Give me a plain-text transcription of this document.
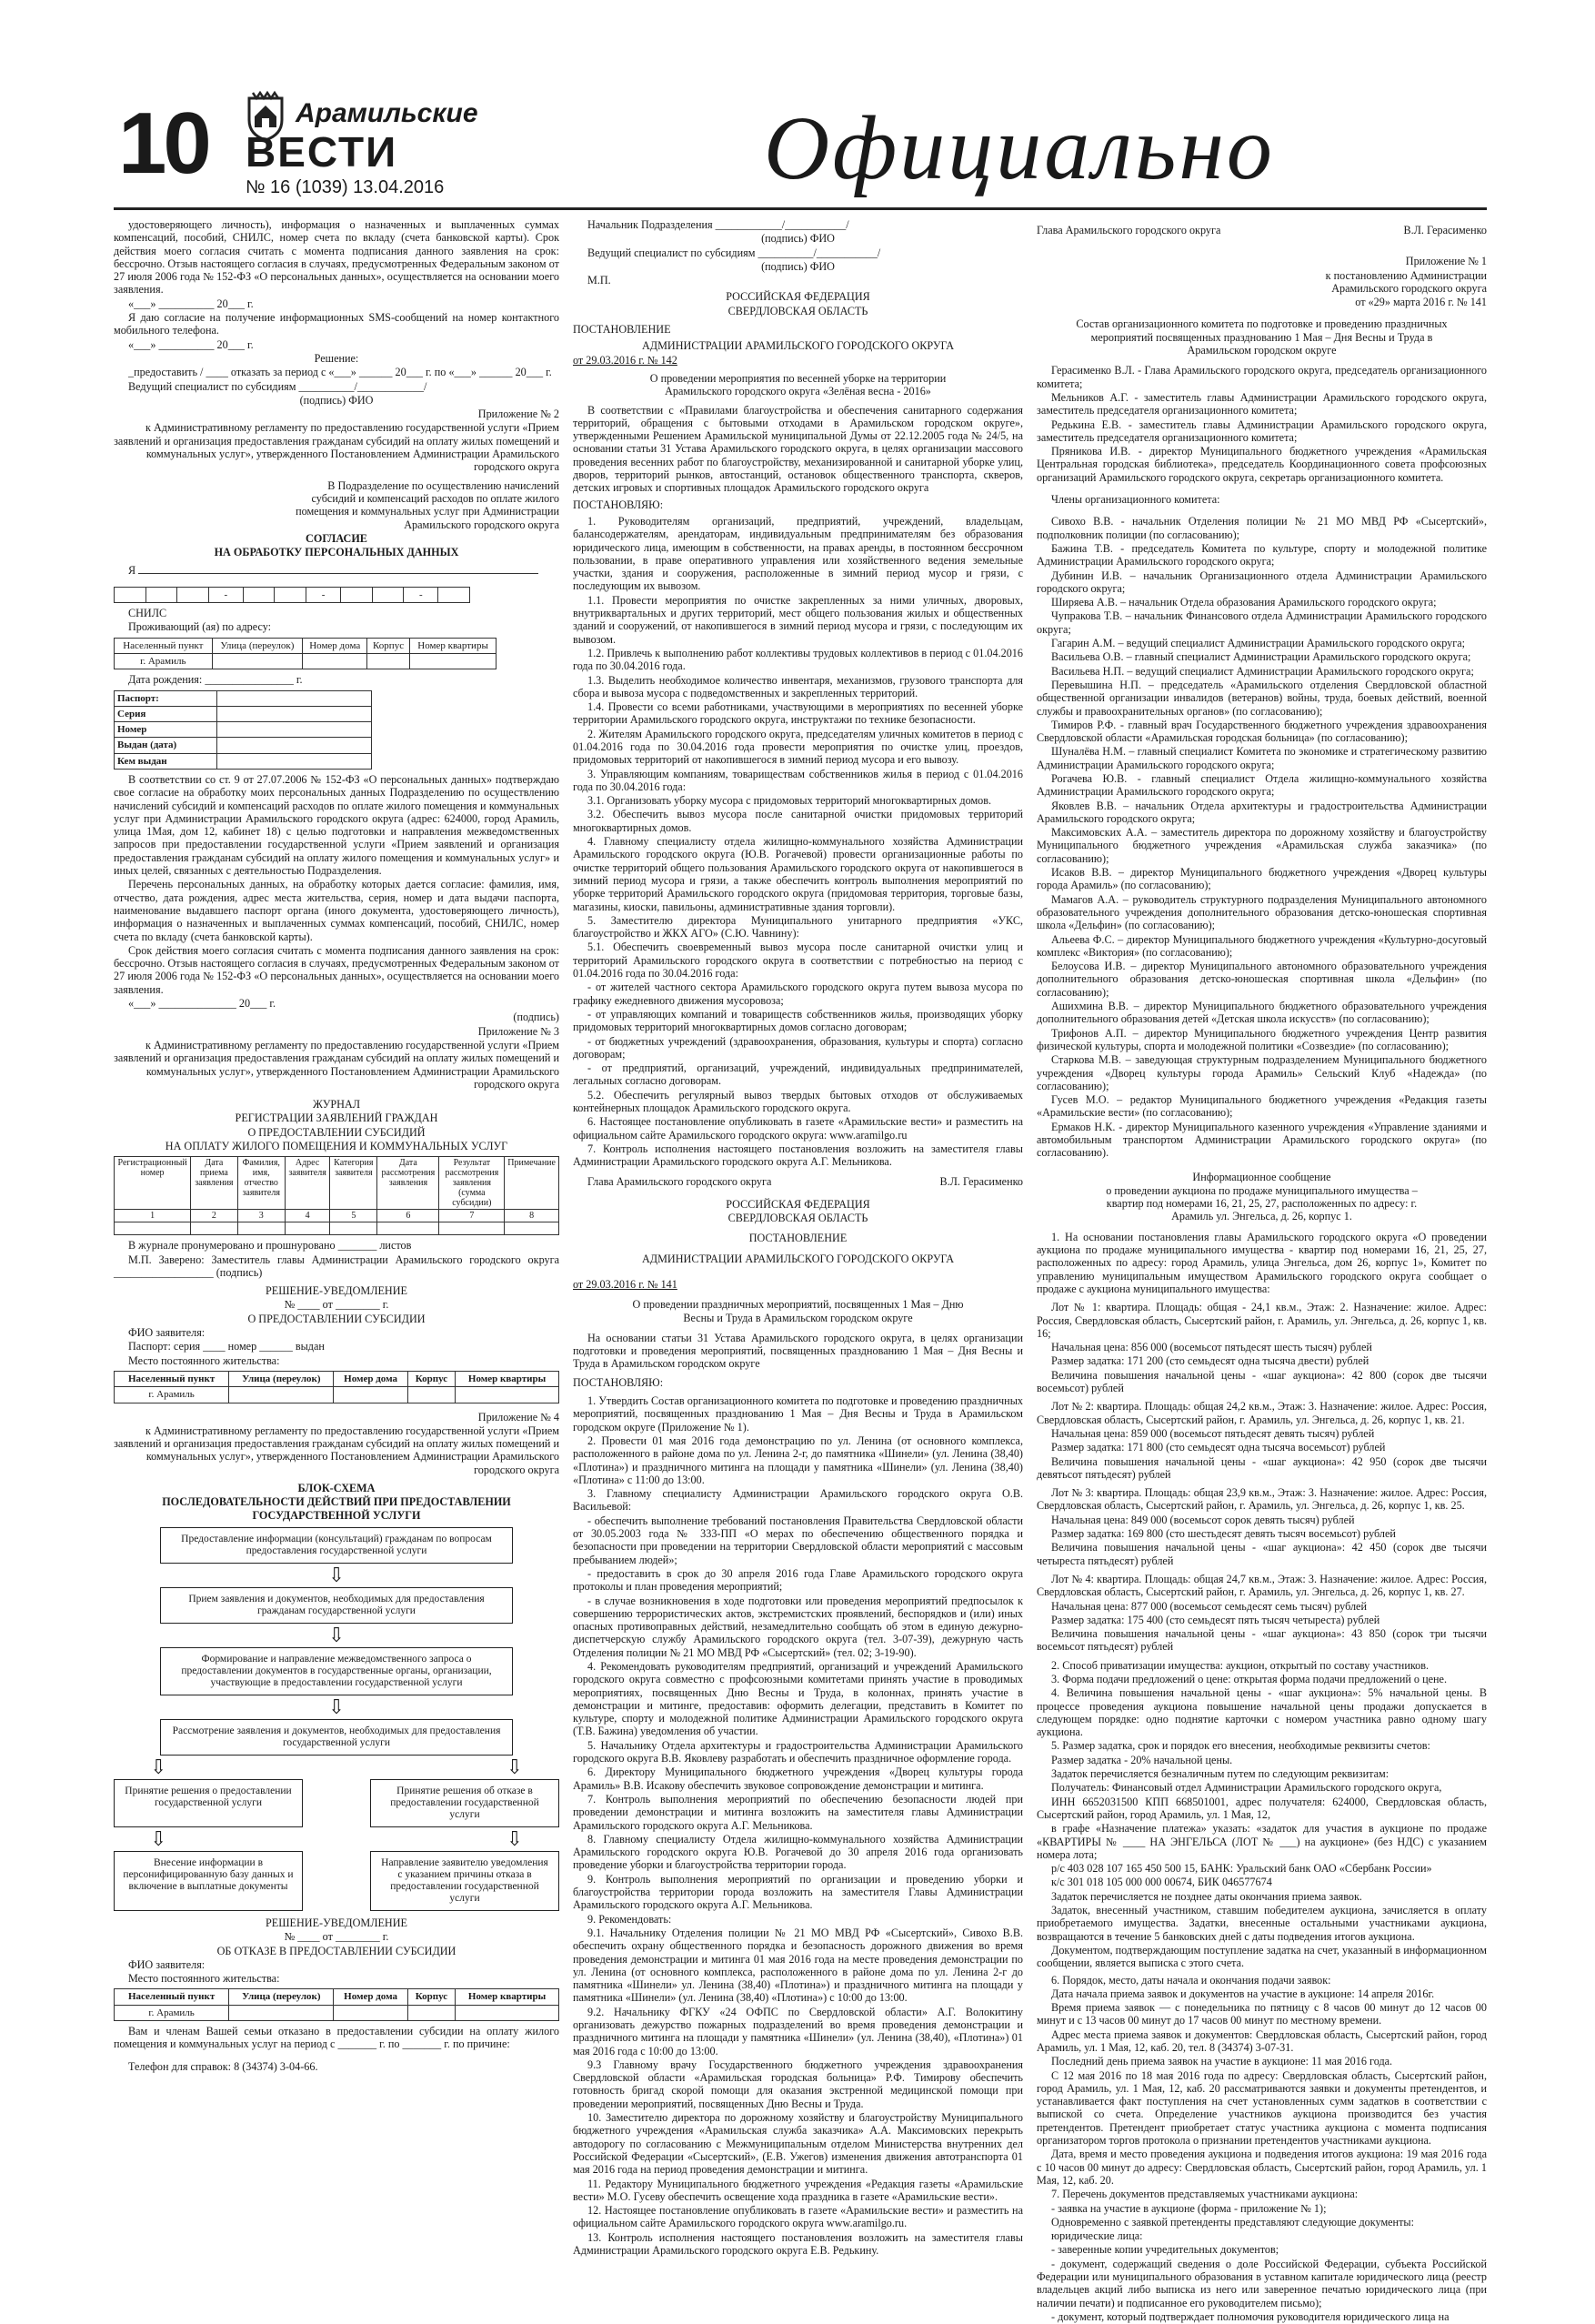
10	Арамильские
ВЕСТИ
№ 16 (1039) 13.04.2016	Официально

удостоверяющего личность), информация о назначенных и выплаченных суммах компенсаций, пособий, СНИЛС, номер счета по вкладу (счета банковской карты). Срок действия моего согласия считать с момента подписания данного заявления на срок: бессрочно. Отзыв настоящего согласия в случаях, предусмотренных Федеральным законом от 27 июля 2006 года № 152-ФЗ «О персональных данных», осуществляется на основании моего заявления.

«___» __________ 20___ г.

Я даю согласие на получение информационных SMS-сообщений на номер контактного мобильного телефона.

«___» __________ 20___ г.

Решение:

_предоставить / ____ отказать за период с «___» ______ 20___ г. по «___» ______ 20___ г.

Ведущий специалист по субсидиям __________/____________/

(подпись) ФИО

Приложение № 2

к Административному регламенту по предоставлению государственной услуги «Прием заявлений и организация предоставления гражданам субсидий на оплату жилых помещений и коммунальных услуг», утвержденного Постановлением Администрации Арамильского городского округа

В Подразделение по осуществлению начислений субсидий и компенсаций расходов по оплате жилого помещения и коммунальных услуг при Администрации Арамильского городского округа

СОГЛАСИЕ

НА ОБРАБОТКУ ПЕРСОНАЛЬНЫХ ДАННЫХ

Я

			-			-			-	

СНИЛС

Проживающий (ая) по адресу:

Населенный пункт	Улица (переулок)	Номер дома	Корпус	Номер квартиры
г. Арамиль				

Дата рождения: ________________ г.

Паспорт:	
Серия	
Номер	
Выдан (дата)	
Кем выдан	

В соответствии со ст. 9 от 27.07.2006 № 152-ФЗ «О персональных данных» подтверждаю свое согласие на обработку моих персональных данных Подразделению по осуществлению начислений субсидий и компенсаций расходов по оплате жилого помещения и коммунальных услуг при Администрации Арамильского городского округа (адрес: 624000, город Арамиль, улица 1Мая, дом 12, кабинет 18) с целью подготовки и направления межведомственных запросов при предоставлении государственной услуги «Прием заявлений и организация предоставления гражданам субсидий на оплату жилого помещения и коммунальных услуг» и иных целей, связанных с деятельностью Подразделения.

Перечень персональных данных, на обработку которых дается согласие: фамилия, имя, отчество, дата рождения, адрес места жительства, серия, номер и дата выдачи паспорта, наименование выдавшего паспорт органа (иного документа, удостоверяющего личность), информация о назначенных и выплаченных суммах компенсаций, пособий, СНИЛС, номер счета по вкладу (счета банковской карты).

Срок действия моего согласия считать с момента подписания данного заявления на срок: бессрочно. Отзыв настоящего согласия в случаях, предусмотренных Федеральным законом от 27 июля 2006 года № 152-ФЗ «О персональных данных», осуществляется на основании моего заявления.

«___» ______________ 20___ г.

(подпись)

Приложение № 3

к Административному регламенту по предоставлению государственной услуги «Прием заявлений и организация предоставления гражданам субсидий на оплату жилых помещений и коммунальных услуг», утвержденного Постановлением Администрации Арамильского городского округа

ЖУРНАЛ

РЕГИСТРАЦИИ ЗАЯВЛЕНИЙ ГРАЖДАН

О ПРЕДОСТАВЛЕНИИ СУБСИДИЙ

НА ОПЛАТУ ЖИЛОГО ПОМЕЩЕНИЯ И КОММУНАЛЬНЫХ УСЛУГ

Регистрационный номер	Дата приема заявления	Фамилия, имя, отчество заявителя	Адрес заявителя	Категория заявителя	Дата рассмотрения заявления	Результат рассмотрения заявления (сумма субсидии)	Примечание
1	2	3	4	5	6	7	8

В журнале пронумеровано и прошнуровано _______ листов

М.П. Заверено: Заместитель главы Администрации Арамильского городского округа __________________ (подпись)

РЕШЕНИЕ-УВЕДОМЛЕНИЕ

№ ____ от ________ г.

О ПРЕДОСТАВЛЕНИИ СУБСИДИИ

ФИО заявителя:

Паспорт: серия ____ номер ______ выдан

Место постоянного жительства:

Населенный пункт	Улица (переулок)	Номер дома	Корпус	Номер квартиры
г. Арамиль				

Приложение № 4

к Административному регламенту по предоставлению государственной услуги «Прием заявлений и организация предоставления гражданам субсидий на оплату жилых помещений и коммунальных услуг», утвержденного Постановлением Администрации Арамильского городского округа

БЛОК-СХЕМА

ПОСЛЕДОВАТЕЛЬНОСТИ ДЕЙСТВИЙ ПРИ ПРЕДОСТАВЛЕНИИ ГОСУДАРСТВЕННОЙ УСЛУГИ

Предоставление информации (консультаций) гражданам по вопросам предоставления государственной услуги
⇩
Прием заявления и документов, необходимых для предоставления гражданам государственной услуги
⇩
Формирование и направление межведомственного запроса о предоставлении документов в государственные органы, организации, участвующие в предоставлении государственной услуги
⇩
Рассмотрение заявления и документов, необходимых для предоставления государственной услуги
⇩	⇩
Принятие решения о предоставлении государственной услуги
Принятие решения об отказе в предоставлении государственной услуги
⇩	⇩
Внесение информации в персонифицированную базу данных и включение в выплатные документы
Направление заявителю уведомления с указанием причины отказа в предоставлении государственной услуги

РЕШЕНИЕ-УВЕДОМЛЕНИЕ

№ ____ от ________ г.

ОБ ОТКАЗЕ В ПРЕДОСТАВЛЕНИИ СУБСИДИИ

ФИО заявителя:

Место постоянного жительства:

Населенный пункт	Улица (переулок)	Номер дома	Корпус	Номер квартиры
г. Арамиль				

Вам и членам Вашей семьи отказано в предоставлении субсидии на оплату жилого помещения и коммунальных услуг на период с _______ г. по _______ г. по причине:

Телефон для справок: 8 (34374) 3-04-66.

Начальник Подразделения ____________/___________/

(подпись) ФИО

Ведущий специалист по субсидиям __________/___________/

(подпись) ФИО

М.П.

РОССИЙСКАЯ ФЕДЕРАЦИЯ

СВЕРДЛОВСКАЯ ОБЛАСТЬ

ПОСТАНОВЛЕНИЕ

АДМИНИСТРАЦИИ АРАМИЛЬСКОГО ГОРОДСКОГО ОКРУГА

от 29.03.2016 г. № 142

О проведении мероприятия по весенней уборке на территории Арамильского городского округа «Зелёная весна - 2016»

В соответствии с «Правилами благоустройства и обеспечения санитарного содержания территорий, обращения с бытовыми отходами в Арамильском городском округе», утвержденными Решением Арамильской муниципальной Думы от 22.12.2005 года № 24/5, на основании статьи 31 Устава Арамильского городского округа, в целях организации массового проведения весенних работ по благоустройству, механизированной и санитарной уборке улиц, дворов, территорий рынков, автостанций, остановок общественного транспорта, скверов, детских игровых и спортивных площадок Арамильского городского округа

ПОСТАНОВЛЯЮ:

1. Руководителям организаций, предприятий, учреждений, владельцам, балансодержателям, арендаторам, индивидуальным предпринимателям без образования юридического лица, имеющим в собственности, на правах аренды, в постоянном бессрочном пользовании, в праве оперативного управления или хозяйственного ведения земельные участки, здания и сооружения, расположенные в зимний период мусор и грязи, с последующим их вывозом.

1.1. Провести мероприятия по очистке закрепленных за ними уличных, дворовых, внутриквартальных и других территорий, мест общего пользования жилых и общественных зданий и сооружений, от накопившегося в зимний период мусора и грязи, с последующим их вывозом.

1.2. Привлечь к выполнению работ коллективы трудовых коллективов в период с 01.04.2016 года по 30.04.2016 года.

1.3. Выделить необходимое количество инвентаря, механизмов, грузового транспорта для сбора и вывоза мусора с подведомственных и закрепленных территорий.

1.4. Провести со всеми работниками, участвующими в мероприятиях по весенней уборке территории Арамильского городского округа, инструктажи по технике безопасности.

2. Жителям Арамильского городского округа, председателям уличных комитетов в период с 01.04.2016 года по 30.04.2016 года провести мероприятия по очистке улиц, проездов, придомовых территорий от накопившегося в зимний период мусора и его вывозу.

3. Управляющим компаниям, товариществам собственников жилья в период с 01.04.2016 года по 30.04.2016 года:

3.1. Организовать уборку мусора с придомовых территорий многоквартирных домов.

3.2. Обеспечить вывоз мусора после санитарной очистки придомовых территорий многоквартирных домов.

4. Главному специалисту отдела жилищно-коммунального хозяйства Администрации Арамильского городского округа (Ю.В. Рогачевой) провести организационные работы по очистке территорий общего пользования Арамильского городского округа от накопившегося в зимний период мусора и грязи, а также обеспечить контроль выполнения мероприятий по уборке территорий Арамильского городского округа (придомовая территория, торговые базы, магазины, киоски, павильоны, административные здания торговли).

5. Заместителю директора Муниципального унитарного предприятия «УКС, благоустройство и ЖКХ АГО» (С.Ю. Чавнину):

5.1. Обеспечить своевременный вывоз мусора после санитарной очистки улиц и территорий Арамильского городского округа в соответствии с потребностью на период с 01.04.2016 года по 30.04.2016 года:

- от жителей частного сектора Арамильского городского округа путем вывоза мусора по графику ежедневного движения мусоровоза;

- от управляющих компаний и товариществ собственников жилья, производящих уборку придомовых территорий многоквартирных домов согласно договорам;

- от бюджетных учреждений (здравоохранения, образования, культуры и спорта) согласно договорам;

- от предприятий, организаций, учреждений, индивидуальных предпринимателей, легальных согласно договорам.

5.2. Обеспечить регулярный вывоз твердых бытовых отходов от обслуживаемых контейнерных площадок Арамильского городского округа.

6. Настоящее постановление опубликовать в газете «Арамильские вести» и разместить на официальном сайте Арамильского городского округа: www.aramilgo.ru

7. Контроль исполнения настоящего постановления возложить на заместителя главы Администрации Арамильского городского округа А.Г. Мельникова.

Глава Арамильского городского округа	В.Л. Герасименко

РОССИЙСКАЯ ФЕДЕРАЦИЯ

СВЕРДЛОВСКАЯ ОБЛАСТЬ

ПОСТАНОВЛЕНИЕ

АДМИНИСТРАЦИИ АРАМИЛЬСКОГО ГОРОДСКОГО ОКРУГА

от 29.03.2016 г. № 141

О проведении праздничных мероприятий, посвященных 1 Мая – Дню Весны и Труда в Арамильском городском округе

На основании статьи 31 Устава Арамильского городского округа, в целях организации подготовки и проведения мероприятий, посвященных празднованию 1 Мая – Дня Весны и Труда в Арамильском городском округе

ПОСТАНОВЛЯЮ:

1. Утвердить Состав организационного комитета по подготовке и проведению праздничных мероприятий, посвященных празднованию 1 Мая – Дня Весны и Труда в Арамильском городском округе (Приложение № 1).

2. Провести 01 мая 2016 года демонстрацию по ул. Ленина (от основного комплекса, расположенного в районе дома по ул. Ленина 2-г, до памятника «Шинели» (ул. Ленина (38,40) «Плотина») и праздничного митинга на площади у памятника «Шинели» (ул. Ленина (38,40) «Плотина» с 11:00 до 13:00.

3. Главному специалисту Администрации Арамильского городского округа О.В. Васильевой:

- обеспечить выполнение требований постановления Правительства Свердловской области от 30.05.2003 года № 333-ПП «О мерах по обеспечению общественного порядка и безопасности при проведении на территории Свердловской области мероприятий с массовым пребыванием людей»;

- предоставить в срок до 30 апреля 2016 года Главе Арамильского городского округа протоколы и план проведения мероприятий;

- в случае возникновения в ходе подготовки или проведения мероприятий предпосылок к совершению террористических актов, экстремистских проявлений, беспорядков и (или) иных опасных противоправных действий, незамедлительно сообщать об этом в единую дежурно-диспетчерскую службу Арамильского городского округа (тел. 3-07-39), дежурную часть Отделения полиции № 21 МО МВД РФ «Сысертский» (тел. 02; 3-19-90).

4. Рекомендовать руководителям предприятий, организаций и учреждений Арамильского городского округа совместно с профсоюзными комитетами принять участие в проводимых мероприятиях, посвященных Дню Весны и Труда, в колоннах, принять участие в демонстрации и митинге, предоставив: оформить делегации, представить в Комитет по культуре, спорту и молодежной политике Администрации Арамильского городского округа (Т.В. Бажина) уведомления об участии.

5. Начальнику Отдела архитектуры и градостроительства Администрации Арамильского городского округа В.В. Яковлеву разработать и обеспечить праздничное оформление города.

6. Директору Муниципального бюджетного учреждения «Дворец культуры города Арамиль» В.В. Исакову обеспечить звуковое сопровождение демонстрации и митинга.

7. Контроль выполнения мероприятий по обеспечению безопасности людей при проведении демонстрации и митинга возложить на заместителя главы Администрации Арамильского городского округа А.Г. Мельникова.

8. Главному специалисту Отдела жилищно-коммунального хозяйства Администрации Арамильского городского округа Ю.В. Рогачевой до 30 апреля 2016 года организовать проведение уборки и благоустройства территории города.

9. Контроль выполнения мероприятий по организации и проведению уборки и благоустройства территории города возложить на заместителя Главы Администрации Арамильского городского округа А.Г. Мельникова.

9. Рекомендовать:

9.1. Начальнику Отделения полиции № 21 МО МВД РФ «Сысертский», Сивохо В.В. обеспечить охрану общественного порядка и безопасность дорожного движения во время проведения демонстрации и митинга 01 мая 2016 года на месте проведения демонстрации по ул. Ленина (от основного комплекса, расположенного в районе дома по ул. Ленина 2-г до памятника «Шинели» ул. Ленина (38,40) «Плотина») и праздничного митинга на площади у памятника «Шинели» (ул. Ленина (38,40) «Плотина») с 10:00 до 13:00.

9.2. Начальнику ФГКУ «24 ОФПС по Свердловской области» А.Г. Волокитину организовать дежурство пожарных подразделений во время проведения демонстрации и праздничного митинга на площади у памятника «Шинели» (ул. Ленина (38,40), «Плотина») 01 мая 2016 года с 10:00 до 13:00.

9.3 Главному врачу Государственного бюджетного учреждения здравоохранения Свердловской области «Арамильская городская больница» Р.Ф. Тимирову обеспечить готовность бригад скорой помощи для оказания экстренной медицинской помощи при проведении мероприятий, посвященных Дню Весны и Труда.

10. Заместителю директора по дорожному хозяйству и благоустройству Муниципального бюджетного учреждения «Арамильская служба заказчика» А.А. Максимовских перекрыть автодорогу по согласованию с Межмуниципальным отделом Министерства внутренних дел Российской Федерации «Сысертский», (Е.В. Ужегов) изменения движения автотранспорта 01 мая 2016 года на период проведения демонстрации и митинга.

11. Редактору Муниципального бюджетного учреждения «Редакция газеты «Арамильские вести» М.О. Гусеву обеспечить освещение хода праздника в газете «Арамильские вести».

12. Настоящее постановление опубликовать в газете «Арамильские вести» и разместить на официальном сайте Арамильского городского округа www.aramilgo.ru.

13. Контроль исполнения настоящего постановления возложить на заместителя главы Администрации Арамильского городского округа Е.В. Редькину.

Глава Арамильского городского округа	В.Л. Герасименко

Приложение № 1

к постановлению Администрации Арамильского городского округа

от «29» марта 2016 г. № 141

Состав организационного комитета по подготовке и проведению праздничных мероприятий посвященных празднованию 1 Мая – Дня Весны и Труда в Арамильском городском округе

Герасименко В.Л. - Глава Арамильского городского округа, председатель организационного комитета;

Мельников А.Г. - заместитель главы Администрации Арамильского городского округа, заместитель председателя организационного комитета;

Редькина Е.В. - заместитель главы Администрации Арамильского городского округа, заместитель председателя организационного комитета;

Пряникова И.В. - директор Муниципального бюджетного учреждения «Арамильская Центральная городская библиотека», председатель Координационного совета профсоюзных организаций Арамильского городского округа, секретарь организационного комитета.

Члены организационного комитета:

Сивохо В.В. - начальник Отделения полиции № 21 МО МВД РФ «Сысертский», подполковник полиции (по согласованию);

Бажина Т.В. - председатель Комитета по культуре, спорту и молодежной политике Администрации Арамильского городского округа;

Дубинин И.В. – начальник Организационного отдела Администрации Арамильского городского округа;

Ширяева А.В. – начальник Отдела образования Арамильского городского округа;

Чупракова Т.В. – начальник Финансового отдела Администрации Арамильского городского округа;

Гагарин А.М. – ведущий специалист Администрации Арамильского городского округа;

Васильева О.В. – главный специалист Администрации Арамильского городского округа;

Васильева Н.П. – ведущий специалист Администрации Арамильского городского округа;

Перевышина Н.П. – председатель «Арамильского отделения Свердловской областной общественной организации инвалидов (ветеранов) войны, труда, боевых действий, военной службы и правоохранительных органов» (по согласованию);

Тимиров Р.Ф. - главный врач Государственного бюджетного учреждения здравоохранения Свердловской области «Арамильская городская больница» (по согласованию);

Шуналёва Н.М. – главный специалист Комитета по экономике и стратегическому развитию Администрации Арамильского городского округа;

Рогачева Ю.В. - главный специалист Отдела жилищно-коммунального хозяйства Администрации Арамильского городского округа;

Яковлев В.В. – начальник Отдела архитектуры и градостроительства Администрации Арамильского городского округа;

Максимовских А.А. – заместитель директора по дорожному хозяйству и благоустройству Муниципального бюджетного учреждения «Арамильская служба заказчика» (по согласованию);

Исаков В.В. – директор Муниципального бюджетного учреждения «Дворец культуры города Арамиль» (по согласованию);

Мамагов А.А. – руководитель структурного подразделения Муниципального автономного образовательного учреждения дополнительного образования детско-юношеская спортивная школа «Дельфин» (по согласованию);

Альеева Ф.С. – директор Муниципального бюджетного учреждения «Культурно-досуговый комплекс «Виктория» (по согласованию);

Белоусова И.В. – директор Муниципального автономного образовательного учреждения дополнительного образования детско-юношеская спортивная школа «Дельфин» (по согласованию);

Ашихмина В.В. – директор Муниципального бюджетного образовательного учреждения дополнительного образования детей «Детская школа искусств» (по согласованию);

Трифонов А.П. – директор Муниципального бюджетного учреждения Центр развития физической культуры, спорта и молодежной политики «Созвездие» (по согласованию);

Старкова М.В. – заведующая структурным подразделением Муниципального бюджетного учреждения «Дворец культуры города Арамиль» Сельский Клуб «Надежда» (по согласованию);

Гусев М.О. – редактор Муниципального бюджетного учреждения «Редакция газеты «Арамильские вести» (по согласованию);

Ермаков Н.К. - директор Муниципального казенного учреждения «Управление зданиями и автомобильным транспортом Администрации Арамильского городского округа» (по согласованию).

Информационное сообщение

о проведении аукциона по продаже муниципального имущества – квартир под номерами 16, 21, 25, 27, расположенных по адресу: г. Арамиль ул. Энгельса, д. 26, корпус 1.

1. На основании постановления главы Арамильского городского округа «О проведении аукциона по продаже муниципального имущества - квартир под номерами 16, 21, 25, 27, расположенных по адресу: город Арамиль, улица Энгельса, дом 26, корпус 1», Комитет по управлению муниципальным имуществом Арамильского городского округа сообщает о продаже с аукциона муниципального имущества:

Лот № 1: квартира. Площадь: общая - 24,1 кв.м., Этаж: 2. Назначение: жилое. Адрес: Россия, Свердловская область, Сысертский район, г. Арамиль, ул. Энгельса, д. 26, корпус 1, кв. 16;

Начальная цена: 856 000 (восемьсот пятьдесят шесть тысяч) рублей

Размер задатка: 171 200 (сто семьдесят одна тысяча двести) рублей

Величина повышения начальной цены - «шаг аукциона»: 42 800 (сорок две тысячи восемьсот) рублей

Лот № 2: квартира. Площадь: общая 24,2 кв.м., Этаж: 3. Назначение: жилое. Адрес: Россия, Свердловская область, Сысертский район, г. Арамиль, ул. Энгельса, д. 26, корпус 1, кв. 21.

Начальная цена: 859 000 (восемьсот пятьдесят девять тысяч) рублей

Размер задатка: 171 800 (сто семьдесят одна тысяча восемьсот) рублей

Величина повышения начальной цены - «шаг аукциона»: 42 950 (сорок две тысячи девятьсот пятьдесят) рублей

Лот № 3: квартира. Площадь: общая 23,9 кв.м., Этаж: 3. Назначение: жилое. Адрес: Россия, Свердловская область, Сысертский район, г. Арамиль, ул. Энгельса, д. 26, корпус 1, кв. 25.

Начальная цена: 849 000 (восемьсот сорок девять тысяч) рублей

Размер задатка: 169 800 (сто шестьдесят девять тысяч восемьсот) рублей

Величина повышения начальной цены - «шаг аукциона»: 42 450 (сорок две тысячи четыреста пятьдесят) рублей

Лот № 4: квартира. Площадь: общая 24,7 кв.м., Этаж: 3. Назначение: жилое. Адрес: Россия, Свердловская область, Сысертский район, г. Арамиль, ул. Энгельса, д. 26, корпус 1, кв. 27.

Начальная цена: 877 000 (восемьсот семьдесят семь тысяч) рублей

Размер задатка: 175 400 (сто семьдесят пять тысяч четыреста) рублей

Величина повышения начальной цены - «шаг аукциона»: 43 850 (сорок три тысячи восемьсот пятьдесят) рублей

2. Способ приватизации имущества: аукцион, открытый по составу участников.

3. Форма подачи предложений о цене: открытая форма подачи предложений о цене.

4. Величина повышения начальной цены - «шаг аукциона»: 5% начальной цены. В процессе проведения аукциона повышение начальной цены продажи допускается в следующем порядке: одно поднятие карточки с номером участника равно одному шагу аукциона.

5. Размер задатка, срок и порядок его внесения, необходимые реквизиты счетов:

Размер задатка - 20% начальной цены.

Задаток перечисляется безналичным путем по следующим реквизитам:

Получатель: Финансовый отдел Администрации Арамильского городского округа,

ИНН 6652031500 КПП 668501001, адрес получателя: 624000, Свердловская область, Сысертский район, город Арамиль, ул. 1 Мая, 12,

в графе «Назначение платежа» указать: «задаток для участия в аукционе по продаже «КВАРТИРЫ № ____ НА ЭНГЕЛЬСА (ЛОТ № ___) на аукционе» (без НДС) с указанием номера лота;

р/с 403 028 107 165 450 500 15, БАНК: Уральский банк ОАО «Сбербанк России»

к/с 301 018 105 000 000 00674, БИК 046577674

Задаток перечисляется не позднее даты окончания приема заявок.

Задаток, внесенный участником, ставшим победителем аукциона, зачисляется в оплату приобретаемого имущества. Задатки, внесенные остальными участниками аукциона, возвращаются в течение 5 банковских дней с даты подведения итогов аукциона.

Документом, подтверждающим поступление задатка на счет, указанный в информационном сообщении, является выписка с этого счета.

6. Порядок, место, даты начала и окончания подачи заявок:

Дата начала приема заявок и документов на участие в аукционе: 14 апреля 2016г.

Время приема заявок — с понедельника по пятницу с 8 часов 00 минут до 12 часов 00 минут и с 13 часов 00 минут до 17 часов 00 минут по местному времени.

Адрес места приема заявок и документов: Свердловская область, Сысертский район, город Арамиль, ул. 1 Мая, 12, каб. 20, тел. 8 (34374) 3-07-31.

Последний день приема заявок на участие в аукционе: 11 мая 2016 года.

С 12 мая 2016 по 18 мая 2016 года по адресу: Свердловская область, Сысертский район, город Арамиль, ул. 1 Мая, 12, каб. 20 рассматриваются заявки и документы претендентов, и устанавливается факт поступления на счет установленных сумм задатков в соответствии с выпиской со счета. Определение участников аукциона производится без участия претендентов. Претендент приобретает статус участника аукциона с момента подписания организатором торгов протокола о признании претендентов участниками аукциона.

Дата, время и место проведения аукциона и подведения итогов аукциона: 19 мая 2016 года с 10 часов 00 минут до адресу: Свердловская область, Сысертский район, город Арамиль, ул. 1 Мая, 12, каб. 20.

7. Перечень документов представляемых участниками аукциона:

- заявка на участие в аукционе (форма - приложение № 1);

Одновременно с заявкой претенденты представляют следующие документы:

юридические лица:

- заверенные копии учредительных документов;

- документ, содержащий сведения о доле Российской Федерации, субъекта Российской Федерации или муниципального образования в уставном капитале юридического лица (реестр владельцев акций либо выписка из него или заверенное печатью юридического лица (при наличии печати) и подписанное его руководителем письмо);

- документ, который подтверждает полномочия руководителя юридического лица на
